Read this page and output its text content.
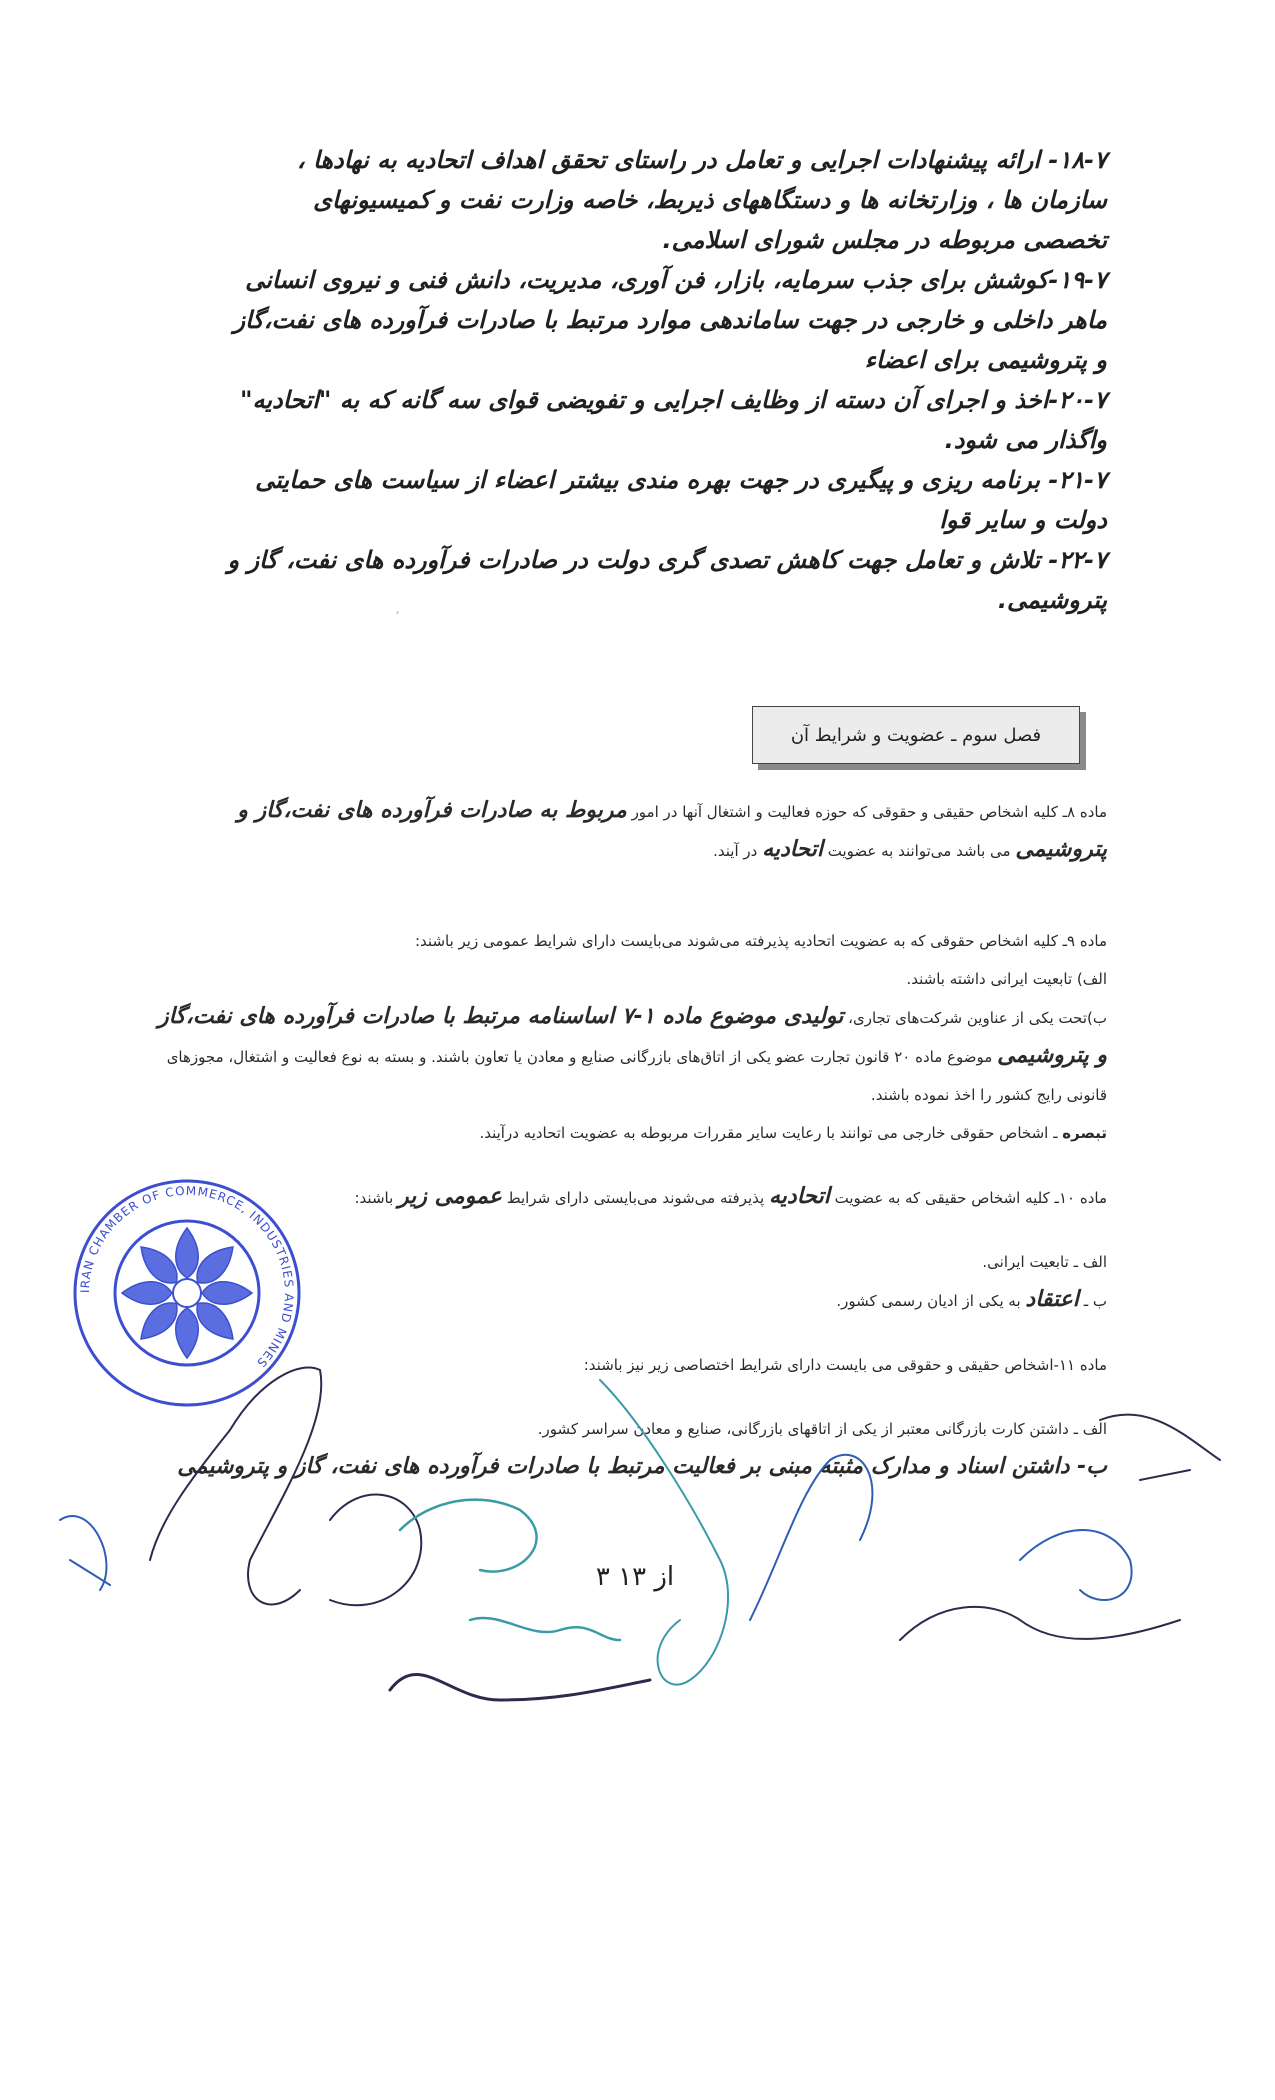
۱۸-۷- ارائه پیشنهادات اجرایی و تعامل در راستای تحقق اهداف اتحادیه به نهادها ، سازمان ها ، وزارتخانه ها و دستگاههای ذیربط، خاصه وزارت نفت و کمیسیونهای تخصصی مربوطه در مجلس شورای اسلامی.

۱۹-۷-کوشش برای جذب سرمایه، بازار، فن آوری، مدیریت، دانش فنی و نیروی انسانی ماهر داخلی و خارجی در جهت ساماندهی موارد مرتبط با صادرات فرآورده های نفت،گاز و پتروشیمی برای اعضاء

۲۰-۷-اخذ و اجرای آن دسته از وظایف اجرایی و تفویضی قوای سه گانه که به "اتحادیه" واگذار می شود.

۲۱-۷- برنامه ریزی و پیگیری در جهت بهره مندی بیشتر اعضاء از سیاست های حمایتی دولت و سایر قوا

۲۲-۷- تلاش و تعامل جهت کاهش تصدی گری دولت در صادرات فرآورده های نفت، گاز و پتروشیمی.

فصل سوم ـ عضویت و شرایط آن
ماده ۸ـ کلیه اشخاص حقیقی و حقوقی که حوزه فعالیت و اشتغال آنها در امور مربوط به صادرات فرآورده های نفت،گاز و پتروشیمی می باشد می‌توانند به عضویت اتحادیه در آیند.
ماده ۹ـ کلیه اشخاص حقوقی که به عضویت اتحادیه پذیرفته می‌شوند می‌بایست دارای شرایط عمومی زیر باشند:
الف) تابعیت ایرانی داشته باشند.
ب)تحت یکی از عناوین شرکت‌های تجاری، تولیدی موضوع ماده ۱-۷ اساسنامه مرتبط با صادرات فرآورده های نفت،گاز و پتروشیمی موضوع ماده ۲۰ قانون تجارت عضو یکی از اتاق‌های بازرگانی صنایع و معادن یا تعاون باشند. و بسته به نوع فعالیت و اشتغال، مجوزهای قانونی رایج کشور را اخذ نموده باشند.
تبصره ـ اشخاص حقوقی خارجی می توانند با رعایت سایر مقررات مربوطه به عضویت اتحادیه درآیند.
ماده ۱۰ـ کلیه اشخاص حقیقی که به عضویت اتحادیه پذیرفته می‌شوند می‌بایستی دارای شرایط عمومی زیر باشند:
الف ـ تابعیت ایرانی.
ب ـ اعتقاد به یکی از ادیان رسمی کشور.
ماده ۱۱-اشخاص حقیقی و حقوقی می بایست دارای شرایط اختصاصی زیر نیز باشند:
الف ـ داشتن کارت بازرگانی معتبر از یکی از اتاقهای بازرگانی، صنایع و معادن سراسر کشور.
ب- داشتن اسناد و مدارک مثبته مبنی بر فعالیت مرتبط با صادرات فرآورده های نفت، گاز و پتروشیمی
۳ از ۱۳
IRAN CHAMBER OF COMMERCE, INDUSTRIES AND MINES
′
